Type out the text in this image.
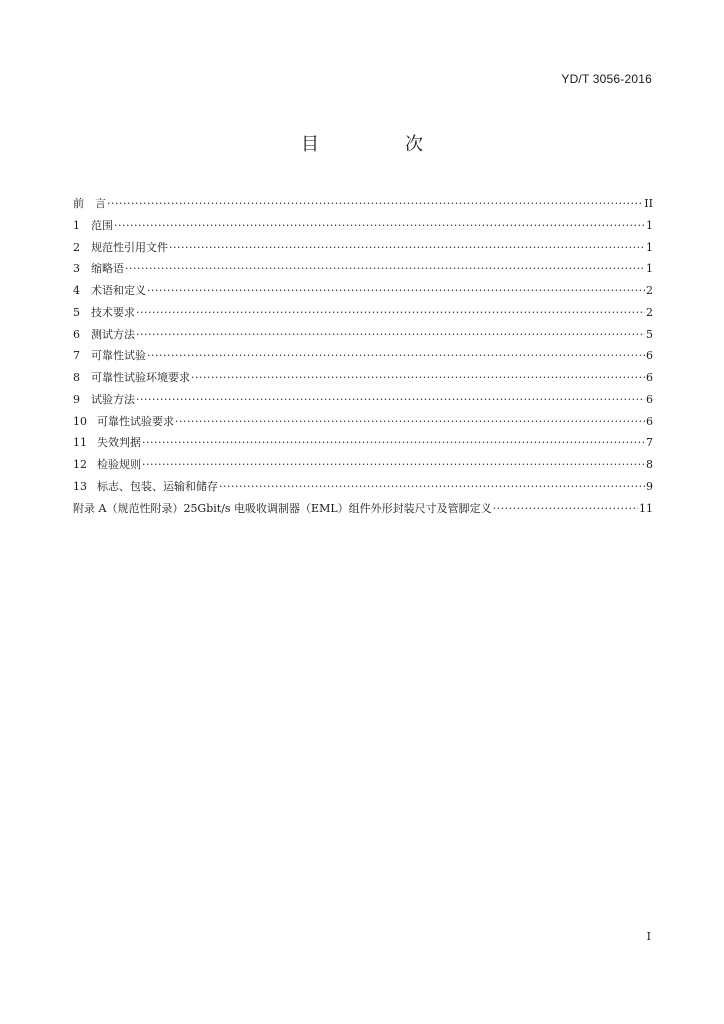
YD/T 3056-2016
目　次
前	言 ·····	II
1	范围 ·····	1
2	规范性引用文件 ·····	1
3	缩略语 ·····	1
4	术语和定义 ·····	2
5	技术要求 ·····	2
6	测试方法 ·····	5
7	可靠性试验 ·····	6
8	可靠性试验环境要求 ·····	6
9	试验方法 ·····	6
10 可靠性试验要求 ·····	6
11 失效判据 ·····	7
12 检验规则 ·····	8
13 标志、包装、运输和储存 ·····	9
附录 A（规范性附录）25Gbit/s 电吸收调制器（EML）组件外形封装尺寸及管脚定义 ·····	11
I
